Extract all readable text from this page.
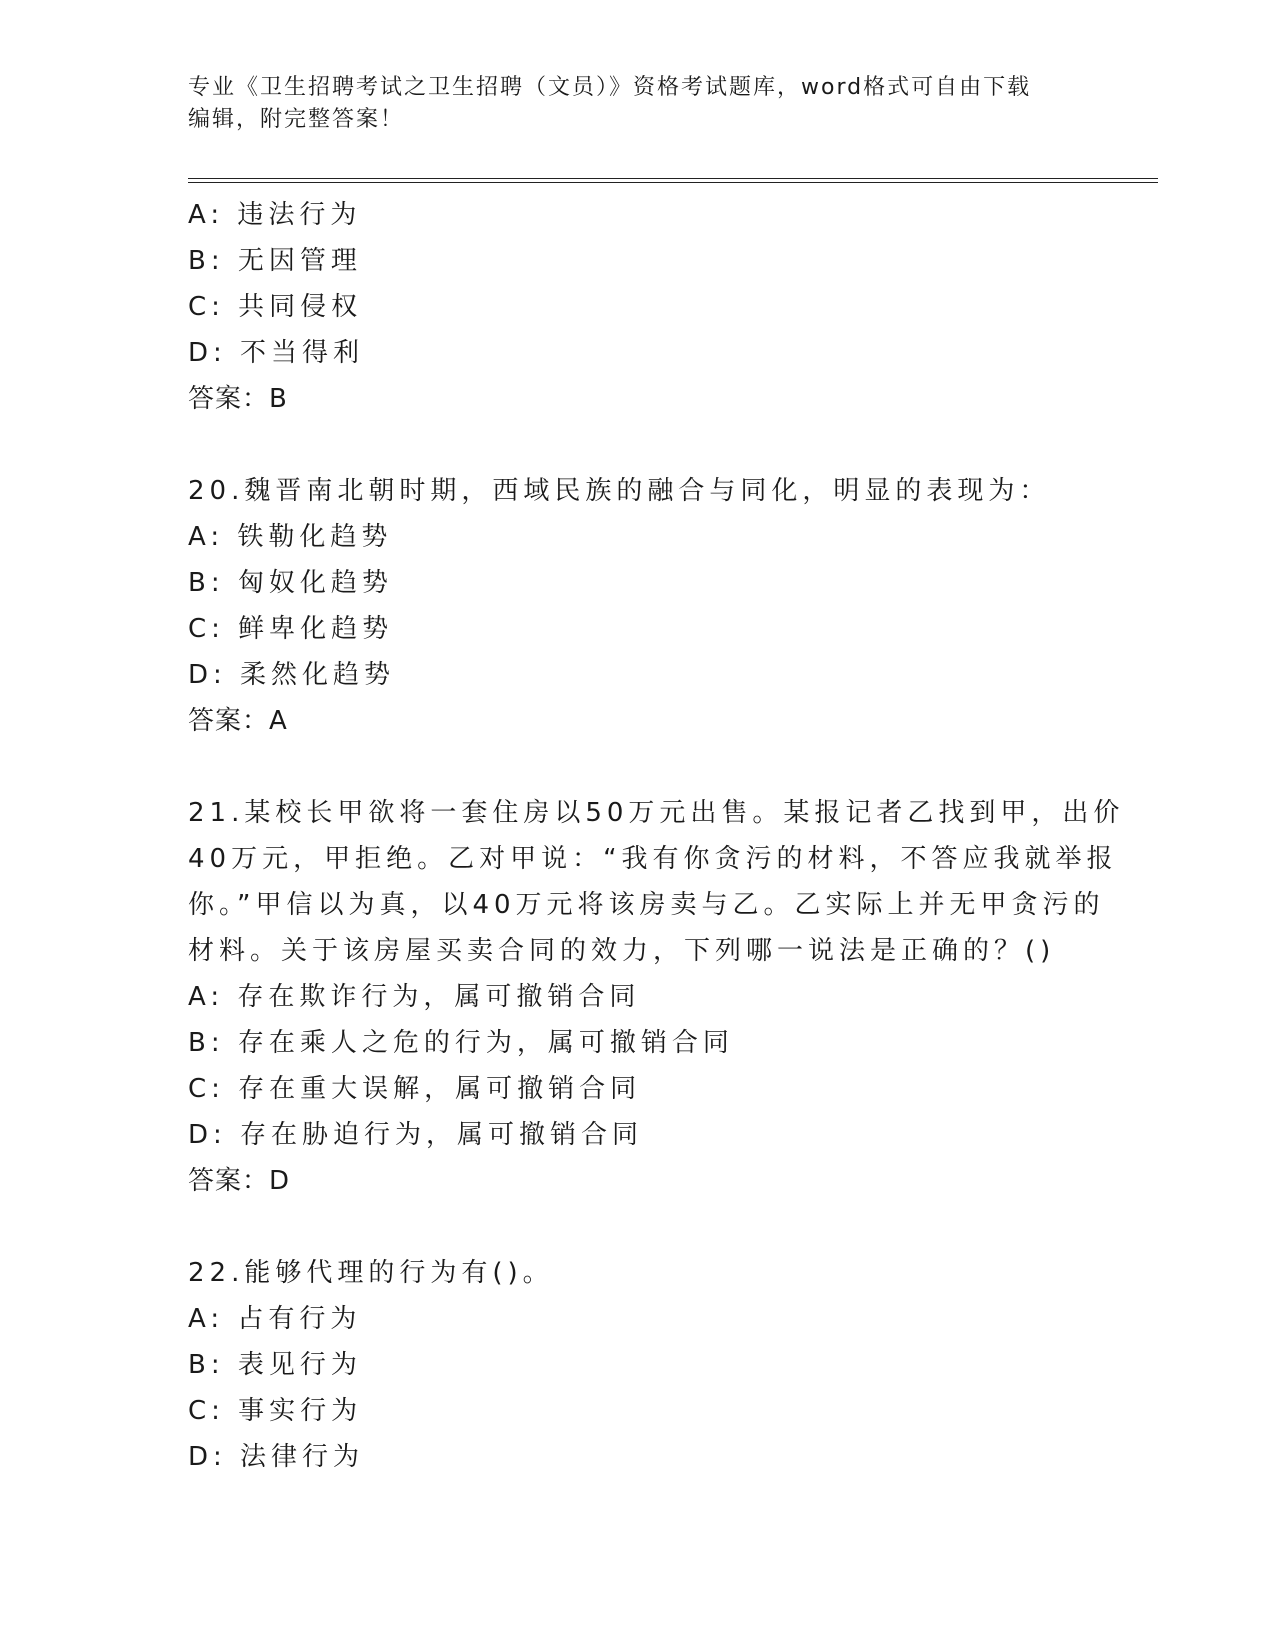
专业《卫生招聘考试之卫生招聘（文员）》资格考试题库，word格式可自由下载
编辑，附完整答案！
A: 违法行为
B: 无因管理
C: 共同侵权
D: 不当得利
答案：B
20.魏晋南北朝时期，西域民族的融合与同化，明显的表现为：
A: 铁勒化趋势
B: 匈奴化趋势
C: 鲜卑化趋势
D: 柔然化趋势
答案：A
21.某校长甲欲将一套住房以50万元出售。某报记者乙找到甲，出价
40万元，甲拒绝。乙对甲说：“我有你贪污的材料，不答应我就举报
你。”甲信以为真，以40万元将该房卖与乙。乙实际上并无甲贪污的
材料。关于该房屋买卖合同的效力，下列哪一说法是正确的？()
A: 存在欺诈行为，属可撤销合同
B: 存在乘人之危的行为，属可撤销合同
C: 存在重大误解，属可撤销合同
D: 存在胁迫行为，属可撤销合同
答案：D
22.能够代理的行为有()。
A: 占有行为
B: 表见行为
C: 事实行为
D: 法律行为
